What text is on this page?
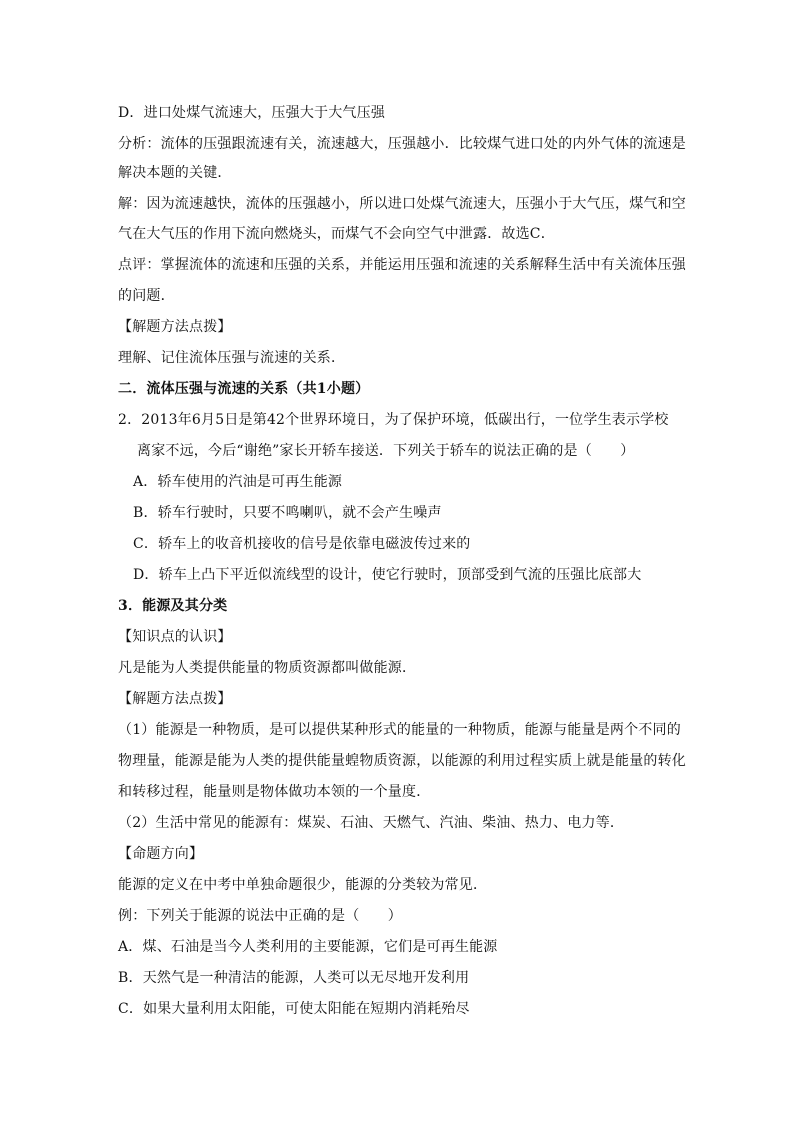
D．进口处煤气流速大，压强大于大气压强
分析：流体的压强跟流速有关，流速越大，压强越小．比较煤气进口处的内外气体的流速是
解决本题的关键．
解：因为流速越快，流体的压强越小，所以进口处煤气流速大，压强小于大气压，煤气和空
气在大气压的作用下流向燃烧头，而煤气不会向空气中泄露．故选C．
点评：掌握流体的流速和压强的关系，并能运用压强和流速的关系解释生活中有关流体压强
的问题．
【解题方法点拨】
理解、记住流体压强与流速的关系．
二．流体压强与流速的关系（共1小题）
2．2013年6月5日是第42个世界环境日，为了保护环境，低碳出行，一位学生表示学校
离家不远，今后“谢绝”家长开轿车接送．下列关于轿车的说法正确的是（　　）
A．轿车使用的汽油是可再生能源
B．轿车行驶时，只要不鸣喇叭，就不会产生噪声
C．轿车上的收音机接收的信号是依靠电磁波传过来的
D．轿车上凸下平近似流线型的设计，使它行驶时，顶部受到气流的压强比底部大
3．能源及其分类
【知识点的认识】
凡是能为人类提供能量的物质资源都叫做能源．
【解题方法点拨】
（1）能源是一种物质，是可以提供某种形式的能量的一种物质，能源与能量是两个不同的
物理量，能源是能为人类的提供能量蝗物质资源，以能源的利用过程实质上就是能量的转化
和转移过程，能量则是物体做功本领的一个量度．
（2）生活中常见的能源有：煤炭、石油、天燃气、汽油、柴油、热力、电力等．
【命题方向】
能源的定义在中考中单独命题很少，能源的分类较为常见．
例：下列关于能源的说法中正确的是（　　）
A．煤、石油是当今人类利用的主要能源，它们是可再生能源
B．天然气是一种清洁的能源，人类可以无尽地开发利用
C．如果大量利用太阳能，可使太阳能在短期内消耗殆尽
